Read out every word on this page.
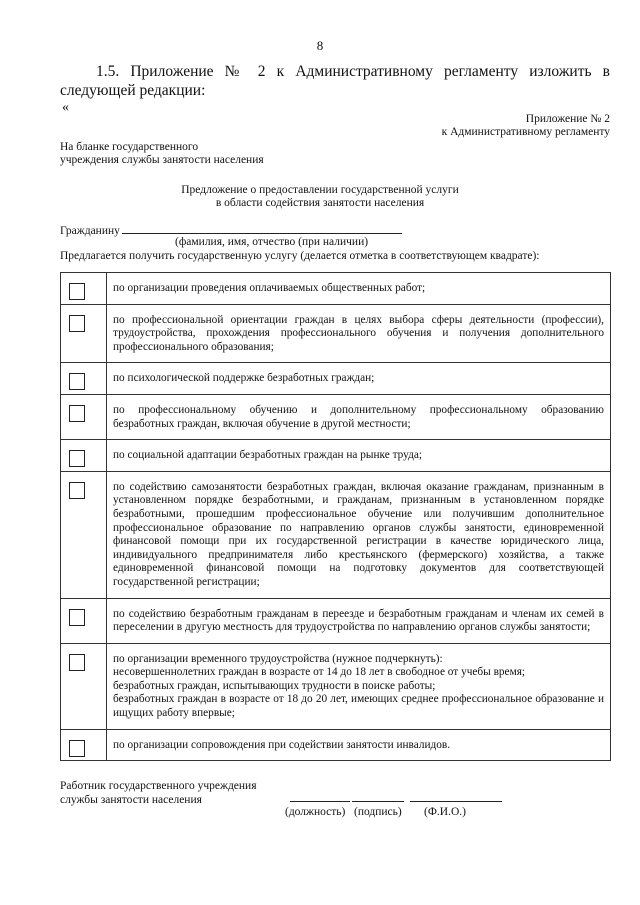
8
1.5. Приложение № 2 к Административному регламенту изложить в следующей редакции:
«
Приложение № 2
к Административному регламенту
На бланке государственного
учреждения службы занятости населения
Предложение о предоставлении государственной услуги
в области содействия занятости населения
Гражданину
(фамилия, имя, отчество (при наличии)
Предлагается получить государственную услугу (делается отметка в соответствующем квадрате):
	по организации проведения оплачиваемых общественных работ;

	по профессиональной ориентации граждан в целях выбора сферы деятельности (профессии), трудоустройства, прохождения профессионального обучения и получения дополнительного профессионального образования;

	по психологической поддержке безработных граждан;

	по профессиональному обучению и дополнительному профессиональному образованию безработных граждан, включая обучение в другой местности;

	по социальной адаптации безработных граждан на рынке труда;

	по содействию самозанятости безработных граждан, включая оказание гражданам, признанным в установленном порядке безработными, и гражданам, признанным в установленном порядке безработными, прошедшим профессиональное обучение или получившим дополнительное профессиональное образование по направлению органов службы занятости, единовременной финансовой помощи при их государственной регистрации в качестве юридического лица, индивидуального предпринимателя либо крестьянского (фермерского) хозяйства, а также единовременной финансовой помощи на подготовку документов для соответствующей государственной регистрации;

	по содействию безработным гражданам в переезде и безработным гражданам и членам их семей в переселении в другую местность для трудоустройства по направлению органов службы занятости;

	по организации временного трудоустройства (нужное подчеркнуть):
несовершеннолетних граждан в возрасте от 14 до 18 лет в свободное от учебы время;
безработных граждан, испытывающих трудности в поиске работы;
безработных граждан в возрасте от 18 до 20 лет, имеющих среднее профессиональное образование и ищущих работу впервые;

	по организации сопровождения при содействии занятости инвалидов.
Работник государственного учреждения
службы занятости населения
(должность) (подпись) (Ф.И.О.)
